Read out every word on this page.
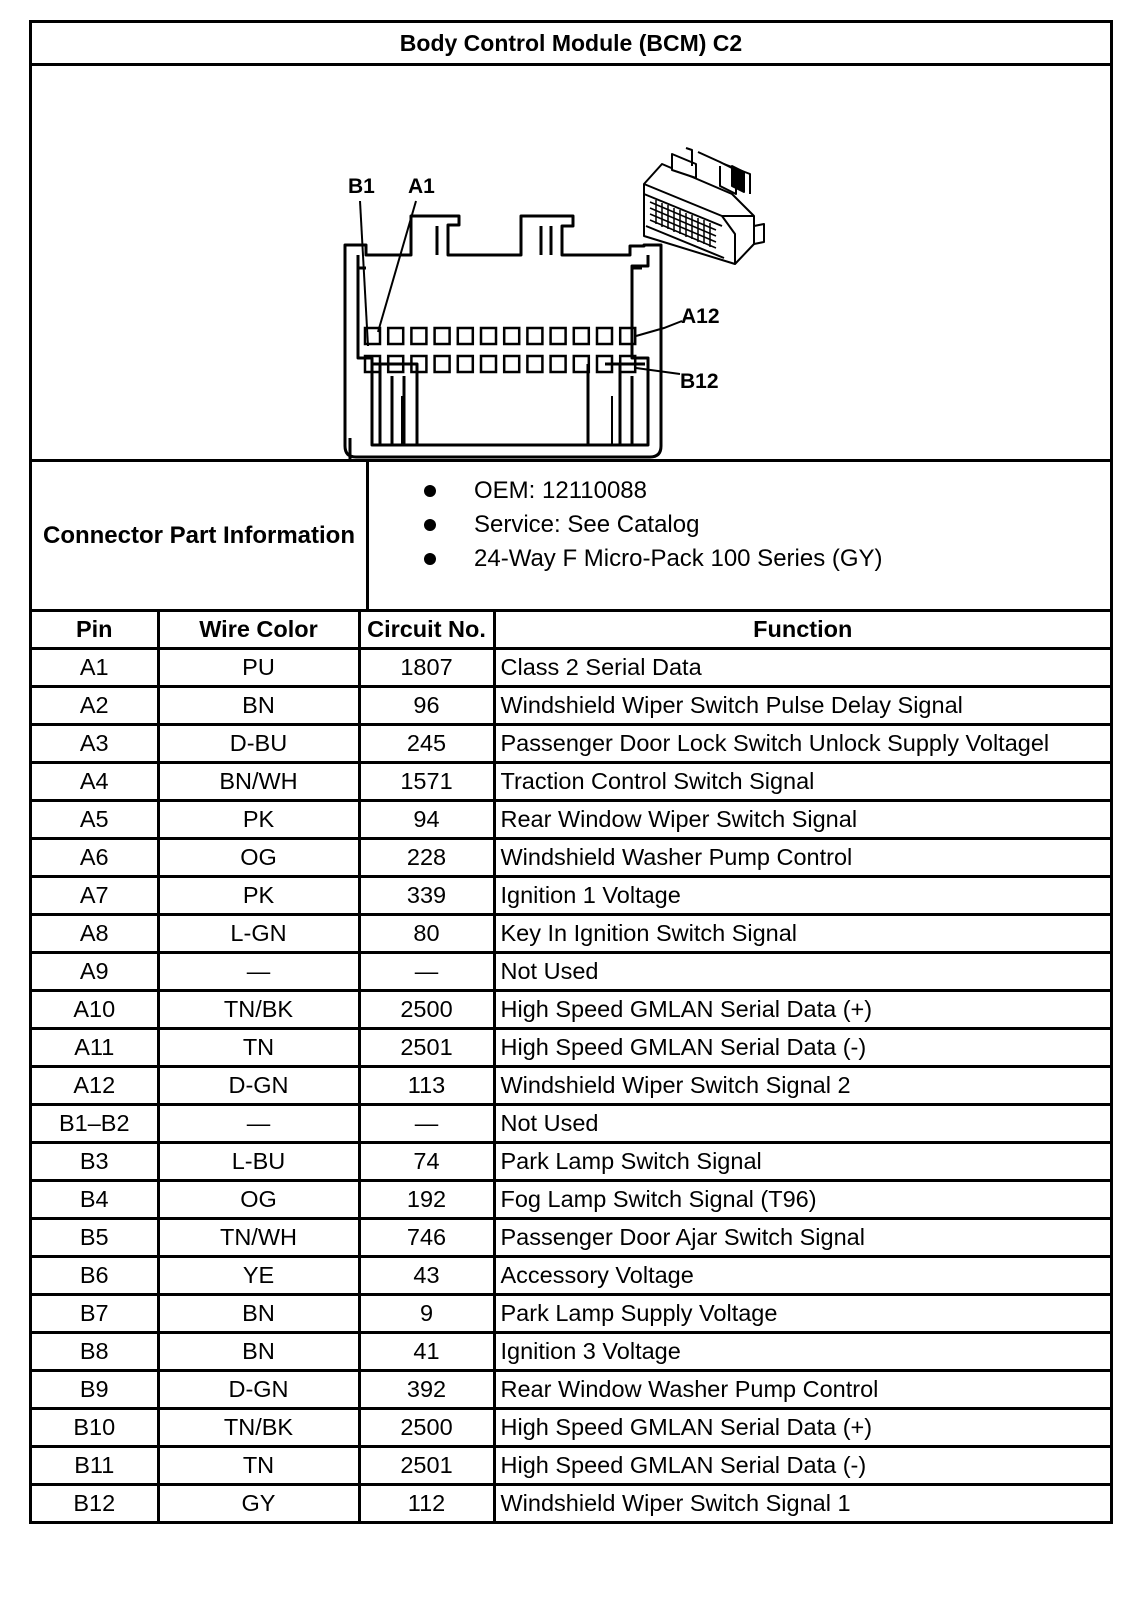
Body Control Module (BCM) C2
B1 A1
A12
B12
Connector Part Information
OEM: 12110088
Service: See Catalog
24-Way F Micro-Pack 100 Series (GY)
Pin	Wire Color	Circuit No.	Function
A1	PU	1807	Class 2 Serial Data
A2	BN	96	Windshield Wiper Switch Pulse Delay Signal
A3	D-BU	245	Passenger Door Lock Switch Unlock Supply Voltagel
A4	BN/WH	1571	Traction Control Switch Signal
A5	PK	94	Rear Window Wiper Switch Signal
A6	OG	228	Windshield Washer Pump Control
A7	PK	339	Ignition 1 Voltage
A8	L-GN	80	Key In Ignition Switch Signal
A9	—	—	Not Used
A10	TN/BK	2500	High Speed GMLAN Serial Data (+)
A11	TN	2501	High Speed GMLAN Serial Data (-)
A12	D-GN	113	Windshield Wiper Switch Signal 2
B1–B2	—	—	Not Used
B3	L-BU	74	Park Lamp Switch Signal
B4	OG	192	Fog Lamp Switch Signal (T96)
B5	TN/WH	746	Passenger Door Ajar Switch Signal
B6	YE	43	Accessory Voltage
B7	BN	9	Park Lamp Supply Voltage
B8	BN	41	Ignition 3 Voltage
B9	D-GN	392	Rear Window Washer Pump Control
B10	TN/BK	2500	High Speed GMLAN Serial Data (+)
B11	TN	2501	High Speed GMLAN Serial Data (-)
B12	GY	112	Windshield Wiper Switch Signal 1
